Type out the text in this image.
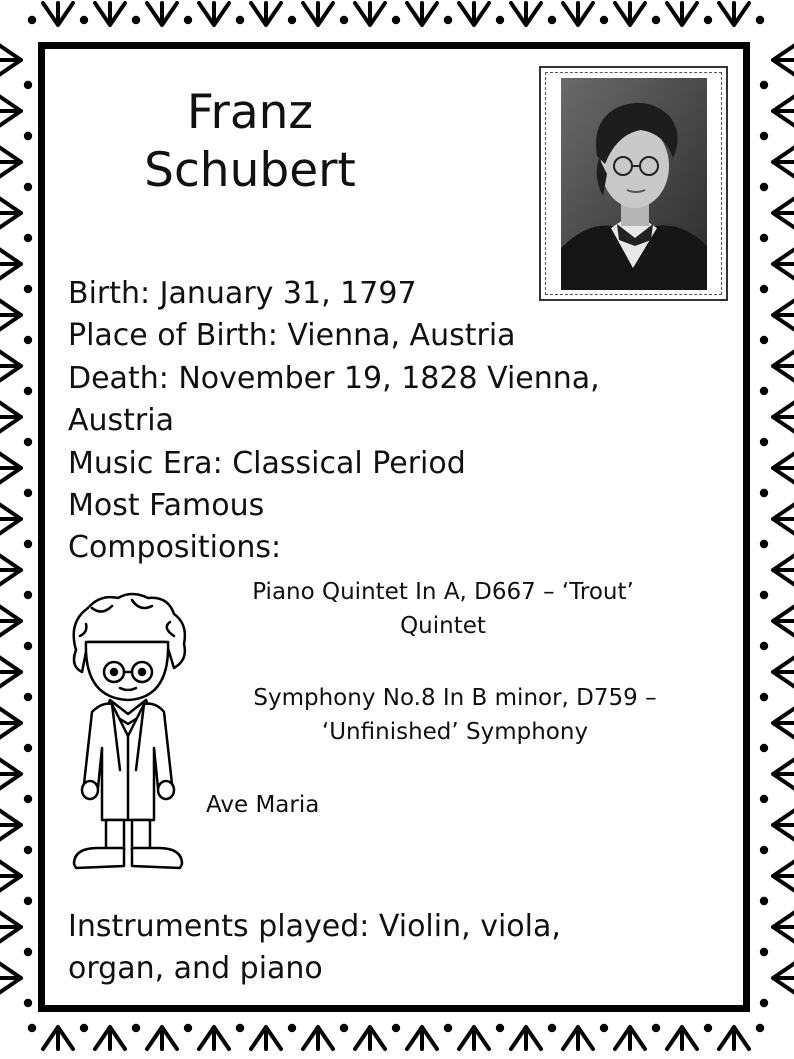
Franz
Schubert
Birth: January 31, 1797
Place of Birth: Vienna, Austria
Death: November 19, 1828 Vienna,
Austria
Music Era: Classical Period
Most Famous
Compositions:
Piano Quintet In A, D667 – ‘Trout’
Quintet
Symphony No.8 In B minor, D759 –
‘Unfinished’ Symphony
Ave Maria
Instruments played: Violin, viola,
organ, and piano
